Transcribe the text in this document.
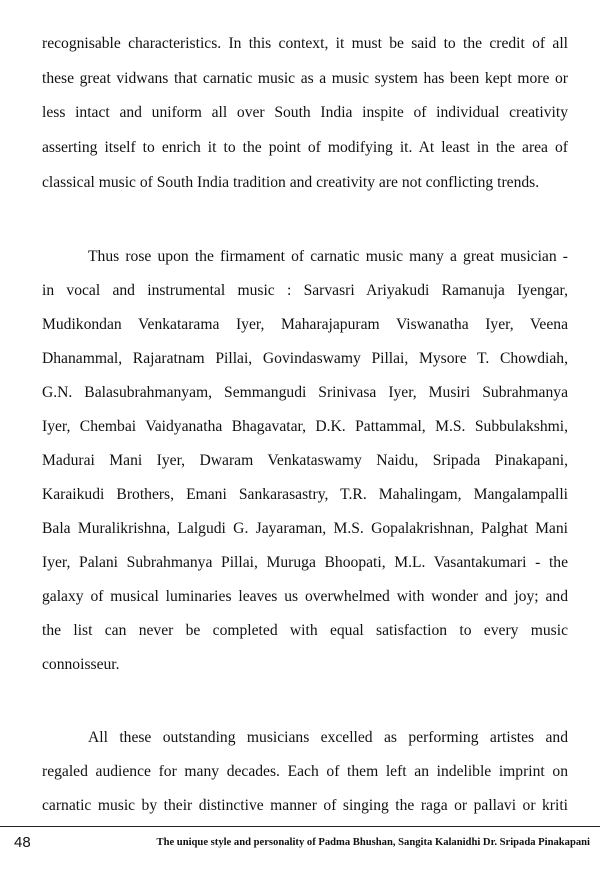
recognisable characteristics. In this context, it must be said to the credit of all
these great vidwans that carnatic music as a music system has been kept more or
less intact and uniform all over South India inspite of individual creativity
asserting itself to enrich it to the point of modifying it. At least in the area of
classical music of South India tradition and creativity are not conflicting trends.
Thus rose upon the firmament of carnatic music many a great musician -
in vocal and instrumental music : Sarvasri Ariyakudi Ramanuja Iyengar,
Mudikondan Venkatarama Iyer, Maharajapuram Viswanatha Iyer, Veena
Dhanammal, Rajaratnam Pillai, Govindaswamy Pillai, Mysore T. Chowdiah,
G.N. Balasubrahmanyam, Semmangudi Srinivasa Iyer, Musiri Subrahmanya
Iyer, Chembai Vaidyanatha Bhagavatar, D.K. Pattammal, M.S. Subbulakshmi,
Madurai Mani Iyer, Dwaram Venkataswamy Naidu, Sripada Pinakapani,
Karaikudi Brothers, Emani Sankarasastry, T.R. Mahalingam, Mangalampalli
Bala Muralikrishna, Lalgudi G. Jayaraman, M.S. Gopalakrishnan, Palghat Mani
Iyer, Palani Subrahmanya Pillai, Muruga Bhoopati, M.L. Vasantakumari - the
galaxy of musical luminaries leaves us overwhelmed with wonder and joy; and
the list can never be completed with equal satisfaction to every music
connoisseur.
All these outstanding musicians excelled as performing artistes and
regaled audience for many decades. Each of them left an indelible imprint on
carnatic music by their distinctive manner of singing the raga or pallavi or kriti
48	The unique style and personality of Padma Bhushan, Sangita Kalanidhi Dr. Sripada Pinakapani
